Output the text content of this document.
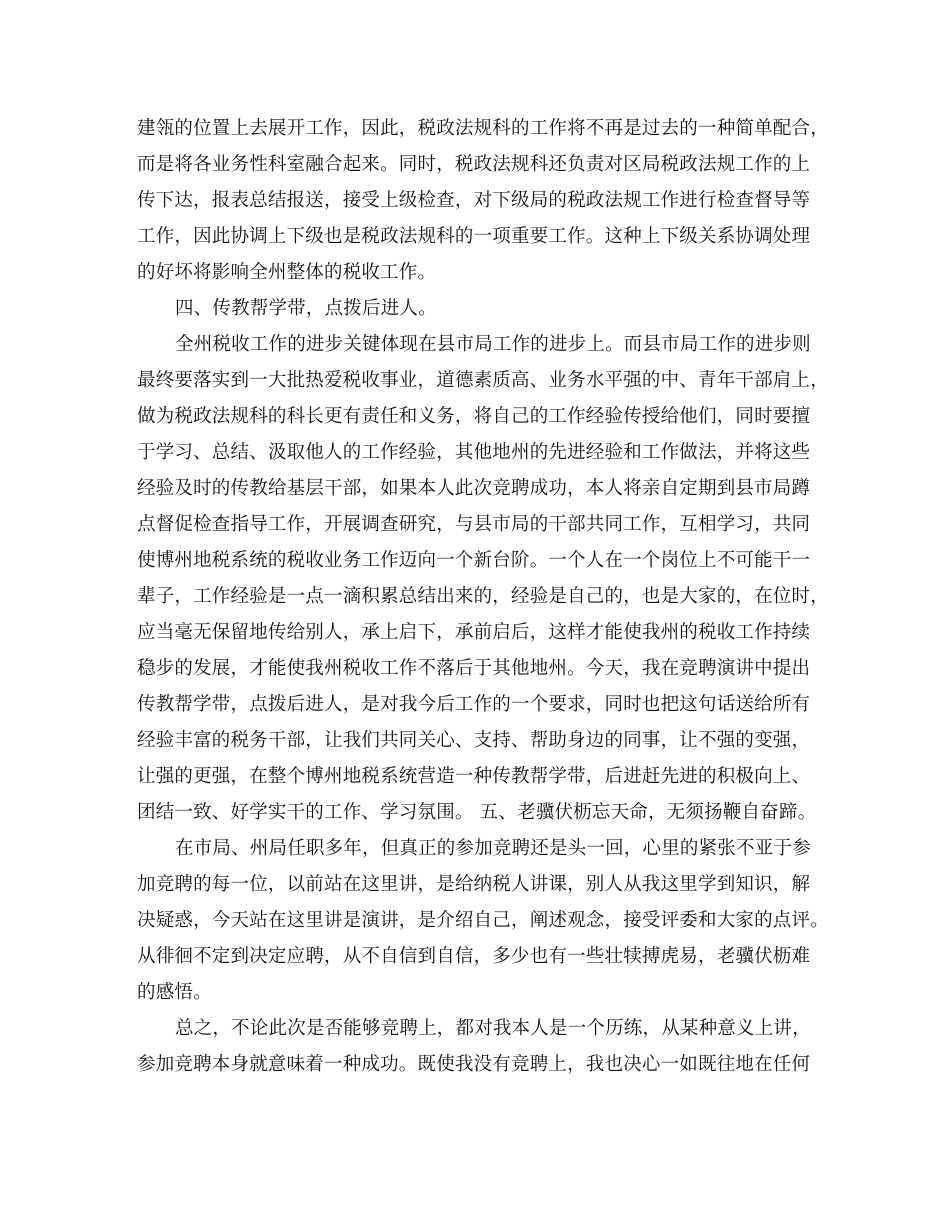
建瓴的位置上去展开工作，因此，税政法规科的工作将不再是过去的一种简单配合，
而是将各业务性科室融合起来。同时，税政法规科还负责对区局税政法规工作的上
传下达，报表总结报送，接受上级检查，对下级局的税政法规工作进行检查督导等
工作，因此协调上下级也是税政法规科的一项重要工作。这种上下级关系协调处理
的好坏将影响全州整体的税收工作。
四、传教帮学带，点拨后进人。
全州税收工作的进步关键体现在县市局工作的进步上。而县市局工作的进步则
最终要落实到一大批热爱税收事业，道德素质高、业务水平强的中、青年干部肩上，
做为税政法规科的科长更有责任和义务，将自己的工作经验传授给他们，同时要擅
于学习、总结、汲取他人的工作经验，其他地州的先进经验和工作做法，并将这些
经验及时的传教给基层干部，如果本人此次竞聘成功，本人将亲自定期到县市局蹲
点督促检查指导工作，开展调查研究，与县市局的干部共同工作，互相学习，共同
使博州地税系统的税收业务工作迈向一个新台阶。一个人在一个岗位上不可能干一
辈子，工作经验是一点一滴积累总结出来的，经验是自己的，也是大家的，在位时，
应当毫无保留地传给别人，承上启下，承前启后，这样才能使我州的税收工作持续
稳步的发展，才能使我州税收工作不落后于其他地州。今天，我在竞聘演讲中提出
传教帮学带，点拨后进人，是对我今后工作的一个要求，同时也把这句话送给所有
经验丰富的税务干部，让我们共同关心、支持、帮助身边的同事，让不强的变强，
让强的更强，在整个博州地税系统营造一种传教帮学带，后进赶先进的积极向上、
团结一致、好学实干的工作、学习氛围。 五、老骥伏枥忘天命，无须扬鞭自奋蹄。
在市局、州局任职多年，但真正的参加竞聘还是头一回，心里的紧张不亚于参
加竞聘的每一位，以前站在这里讲，是给纳税人讲课，别人从我这里学到知识，解
决疑惑，今天站在这里讲是演讲，是介绍自己，阐述观念，接受评委和大家的点评。
从徘徊不定到决定应聘，从不自信到自信，多少也有一些壮犊搏虎易，老骥伏枥难
的感悟。
总之，不论此次是否能够竞聘上，都对我本人是一个历练，从某种意义上讲，
参加竞聘本身就意味着一种成功。既使我没有竞聘上，我也决心一如既往地在任何
